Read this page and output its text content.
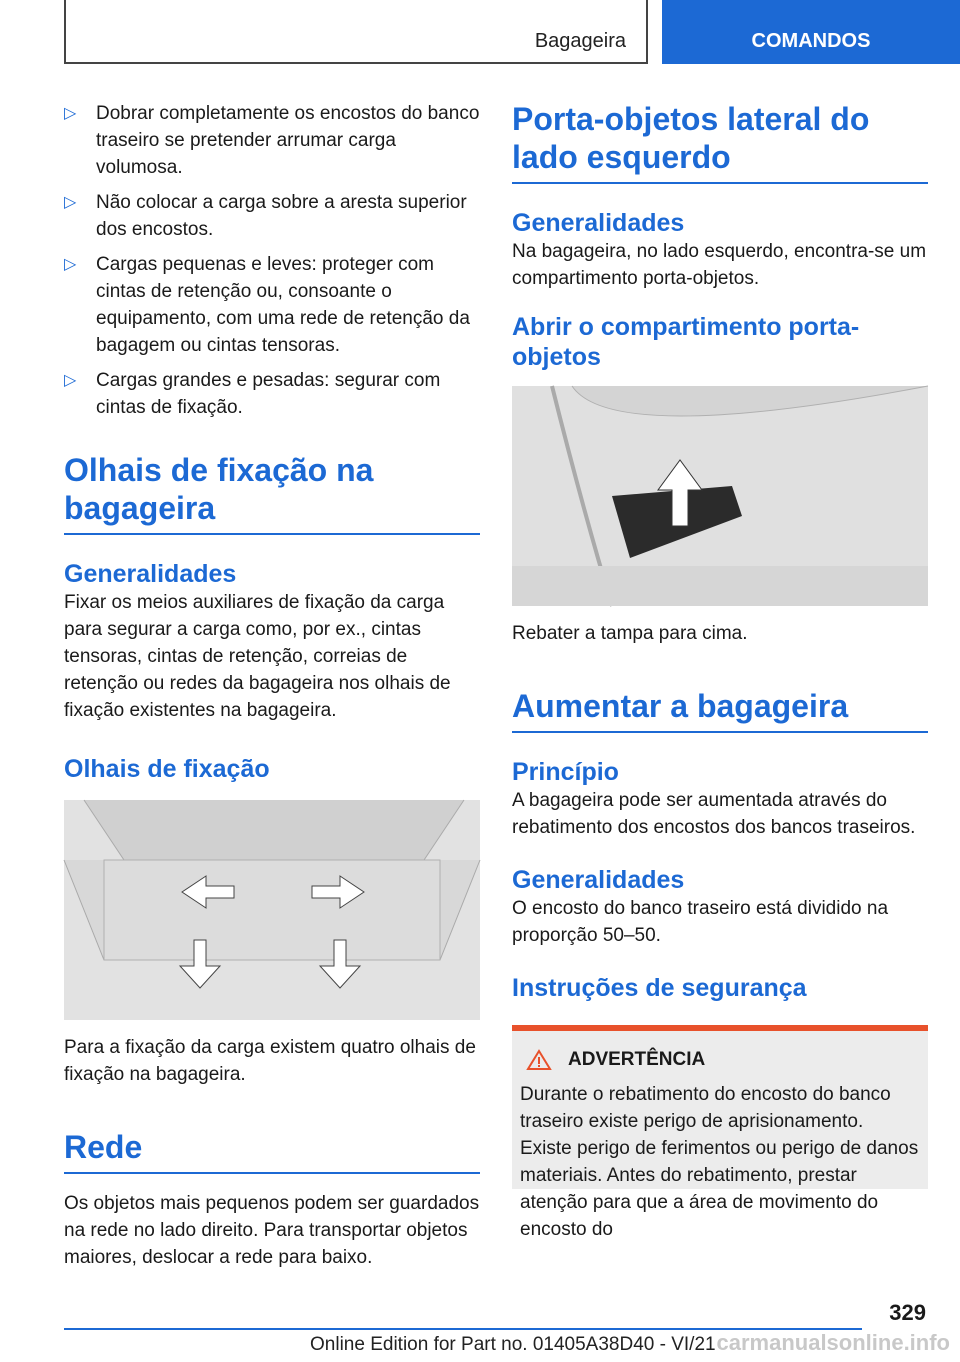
Bagageira	COMANDOS
▷ Dobrar completamente os encostos do banco traseiro se pretender arrumar carga volumosa.
▷ Não colocar a carga sobre a aresta superior dos encostos.
▷ Cargas pequenas e leves: proteger com cintas de retenção ou, consoante o equipamento, com uma rede de retenção da bagagem ou cintas tensoras.
▷ Cargas grandes e pesadas: segurar com cintas de fixação.
Olhais de fixação na bagageira
Generalidades
Fixar os meios auxiliares de fixação da carga para segurar a carga como, por ex., cintas tensoras, cintas de retenção, correias de retenção ou redes da bagageira nos olhais de fixação existentes na bagageira.
Olhais de fixação
Para a fixação da carga existem quatro olhais de fixação na bagageira.
Rede
Os objetos mais pequenos podem ser guardados na rede no lado direito. Para transportar objetos maiores, deslocar a rede para baixo.
Porta-objetos lateral do lado esquerdo
Generalidades
Na bagageira, no lado esquerdo, encontra-se um compartimento porta-objetos.
Abrir o compartimento porta-objetos
Rebater a tampa para cima.
Aumentar a bagageira
Princípio
A bagageira pode ser aumentada através do rebatimento dos encostos dos bancos traseiros.
Generalidades
O encosto do banco traseiro está dividido na proporção 50–50.
Instruções de segurança
ADVERTÊNCIA
Durante o rebatimento do encosto do banco traseiro existe perigo de aprisionamento. Existe perigo de ferimentos ou perigo de danos materiais. Antes do rebatimento, prestar atenção para que a área de movimento do encosto do
329
Online Edition for Part no. 01405A38D40 - VI/21 carmanualsonline.info
